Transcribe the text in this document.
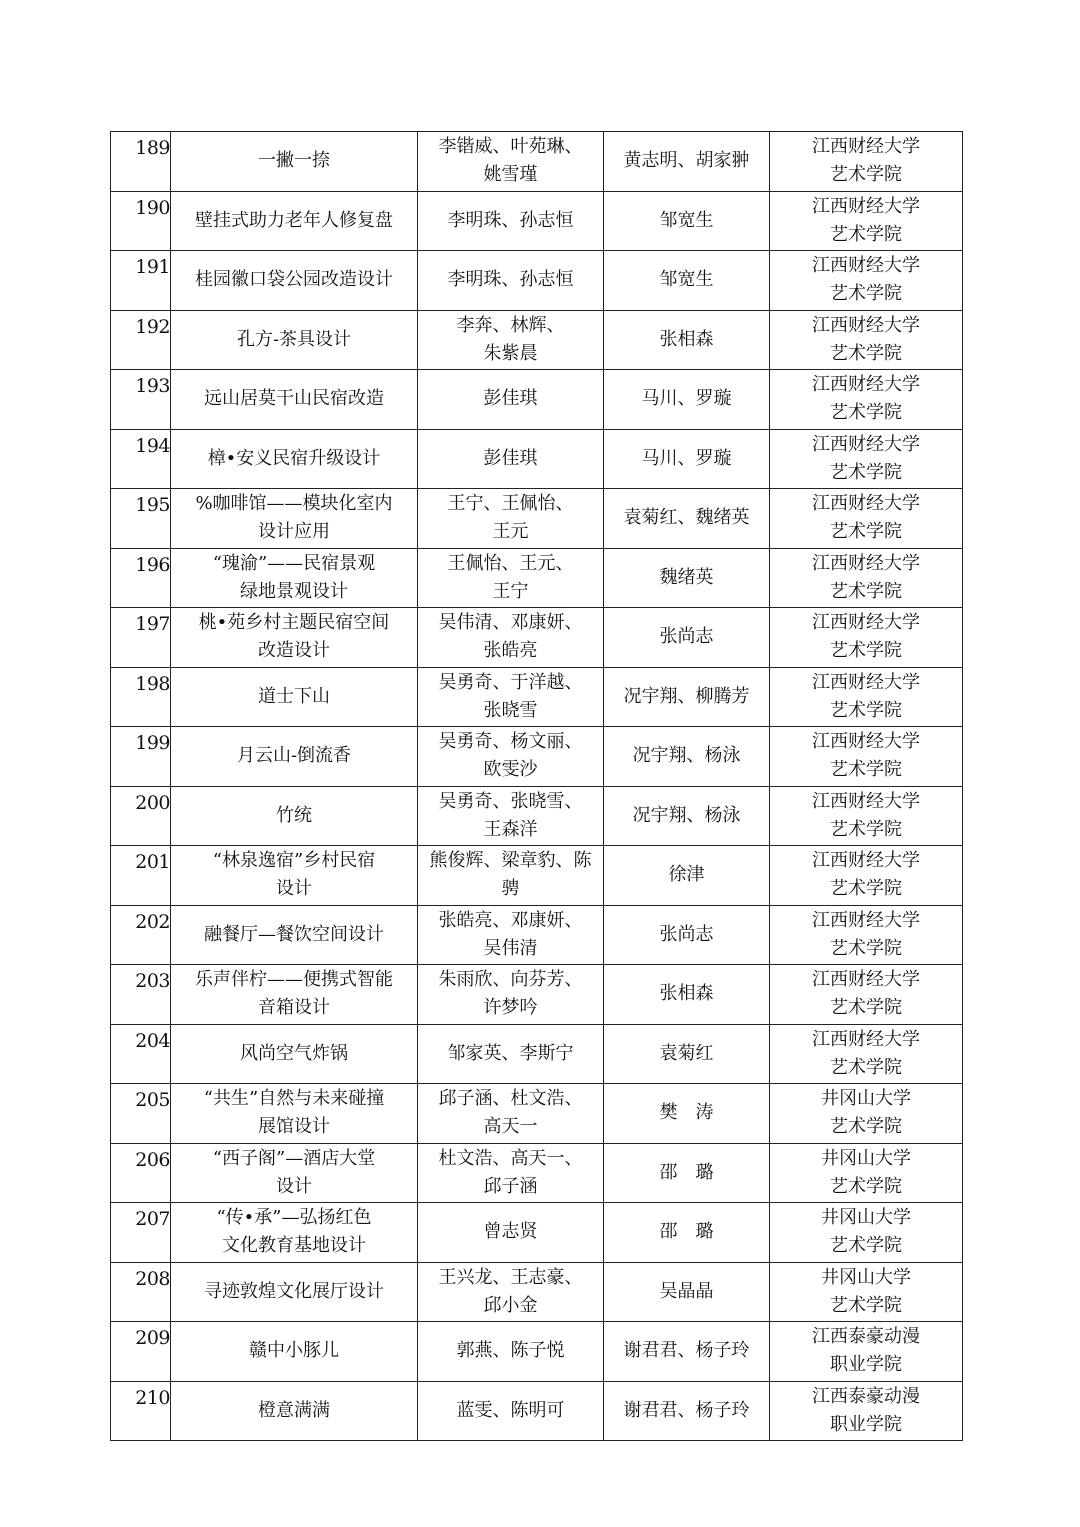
189	一撇一捺	李锴威、叶苑琳、
姚雪瑾	黄志明、胡家翀	江西财经大学
艺术学院

190	壁挂式助力老年人修复盘	李明珠、孙志恒	邹宽生	江西财经大学
艺术学院

191	桂园徽口袋公园改造设计	李明珠、孙志恒	邹宽生	江西财经大学
艺术学院

192	孔方-茶具设计	李奔、林辉、
朱紫晨	张相森	江西财经大学
艺术学院

193	远山居莫干山民宿改造	彭佳琪	马川、罗璇	江西财经大学
艺术学院

194	樟•安义民宿升级设计	彭佳琪	马川、罗璇	江西财经大学
艺术学院

195	%咖啡馆——模块化室内
设计应用	王宁、王佩怡、
王元	袁菊红、魏绪英	江西财经大学
艺术学院

196	“瑰渝”——民宿景观
绿地景观设计	王佩怡、王元、
王宁	魏绪英	江西财经大学
艺术学院

197	桃•苑乡村主题民宿空间
改造设计	吴伟清、邓康妍、
张皓亮	张尚志	江西财经大学
艺术学院

198	道士下山	吴勇奇、于洋越、
张晓雪	况宇翔、柳腾芳	江西财经大学
艺术学院

199	月云山-倒流香	吴勇奇、杨文丽、
欧雯沙	况宇翔、杨泳	江西财经大学
艺术学院

200	竹统	吴勇奇、张晓雪、
王森洋	况宇翔、杨泳	江西财经大学
艺术学院

201	“林泉逸宿”乡村民宿
设计	熊俊辉、梁章豹、陈
骋	徐津	江西财经大学
艺术学院

202	融餐厅—餐饮空间设计	张皓亮、邓康妍、
吴伟清	张尚志	江西财经大学
艺术学院

203	乐声伴柠——便携式智能
音箱设计	朱雨欣、向芬芳、
许梦吟	张相森	江西财经大学
艺术学院

204	风尚空气炸锅	邹家英、李斯宁	袁菊红	江西财经大学
艺术学院

205	“共生”自然与未来碰撞
展馆设计	邱子涵、杜文浩、
高天一	樊　涛	井冈山大学
艺术学院

206	“西子阁”—酒店大堂
设计	杜文浩、高天一、
邱子涵	邵　璐	井冈山大学
艺术学院

207	“传•承”—弘扬红色
文化教育基地设计	曾志贤	邵　璐	井冈山大学
艺术学院

208	寻迹敦煌文化展厅设计	王兴龙、王志豪、
邱小金	吴晶晶	井冈山大学
艺术学院

209	赣中小豚儿	郭燕、陈子悦	谢君君、杨子玲	江西泰豪动漫
职业学院

210	橙意满满	蓝雯、陈明可	谢君君、杨子玲	江西泰豪动漫
职业学院
